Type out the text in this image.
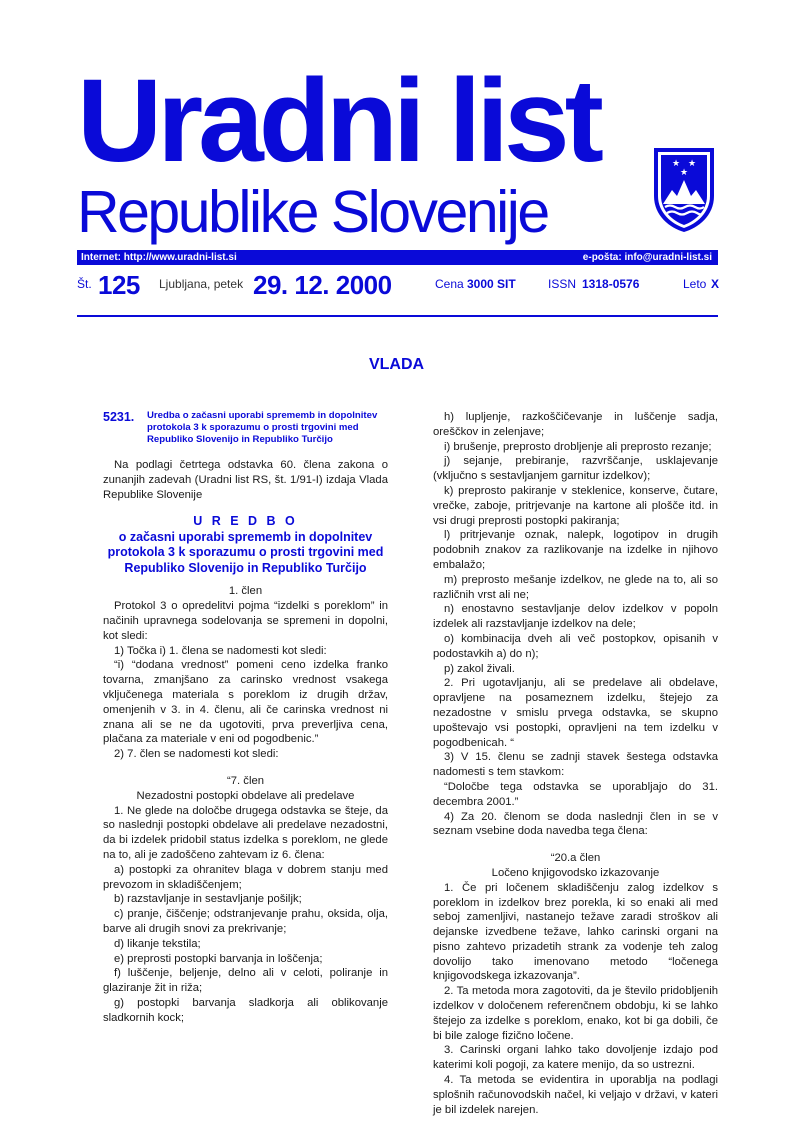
Uradni list
Republike Slovenije
★ ★
★
Internet: http://www.uradni-list.si	e-pošta: info@uradni-list.si
Št. 125 Ljubljana, petek 29. 12. 2000	Cena 3000 SIT	ISSN 1318-0576	Leto X
VLADA
5231. Uredba o začasni uporabi sprememb in dopolnitev protokola 3 k sporazumu o prosti trgovini med Republiko Slovenijo in Republiko Turčijo

Na podlagi četrtega odstavka 60. člena zakona o zunanjih zadevah (Uradni list RS, št. 1/91-I) izdaja Vlada Republike Slovenije

U R E D B O
o začasni uporabi sprememb in dopolnitev protokola 3 k sporazumu o prosti trgovini med Republiko Slovenijo in Republiko Turčijo

1. člen

Protokol 3 o opredelitvi pojma “izdelki s poreklom” in načinih upravnega sodelovanja se spremeni in dopolni, kot sledi:

1) Točka i) 1. člena se nadomesti kot sledi:

“i) “dodana vrednost” pomeni ceno izdelka franko tovarna, zmanjšano za carinsko vrednost vsakega vključenega materiala s poreklom iz drugih držav, omenjenih v 3. in 4. členu, ali če carinska vrednost ni znana ali se ne da ugotoviti, prva preverljiva cena, plačana za materiale v eni od pogodbenic.”

2) 7. člen se nadomesti kot sledi:

“7. člen

Nezadostni postopki obdelave ali predelave

1. Ne glede na določbe drugega odstavka se šteje, da so naslednji postopki obdelave ali predelave nezadostni, da bi izdelek pridobil status izdelka s poreklom, ne glede na to, ali je zadoščeno zahtevam iz 6. člena:

a) postopki za ohranitev blaga v dobrem stanju med prevozom in skladiščenjem;

b) razstavljanje in sestavljanje pošiljk;

c) pranje, čiščenje; odstranjevanje prahu, oksida, olja, barve ali drugih snovi za prekrivanje;

d) likanje tekstila;

e) preprosti postopki barvanja in loščenja;

f) luščenje, beljenje, delno ali v celoti, poliranje in glaziranje žit in riža;

g) postopki barvanja sladkorja ali oblikovanje sladkornih kock;

h) lupljenje, razkoščičevanje in luščenje sadja, oreščkov in zelenjave;

i) brušenje, preprosto drobljenje ali preprosto rezanje;

j) sejanje, prebiranje, razvrščanje, usklajevanje (vključno s sestavljanjem garnitur izdelkov);

k) preprosto pakiranje v steklenice, konserve, čutare, vrečke, zaboje, pritrjevanje na kartone ali plošče itd. in vsi drugi preprosti postopki pakiranja;

l) pritrjevanje oznak, nalepk, logotipov in drugih podobnih znakov za razlikovanje na izdelke in njihovo embalažo;

m) preprosto mešanje izdelkov, ne glede na to, ali so različnih vrst ali ne;

n) enostavno sestavljanje delov izdelkov v popoln izdelek ali razstavljanje izdelkov na dele;

o) kombinacija dveh ali več postopkov, opisanih v podostavkih a) do n);

p) zakol živali.

2. Pri ugotavljanju, ali se predelave ali obdelave, opravljene na posameznem izdelku, štejejo za nezadostne v smislu prvega odstavka, se skupno upoštevajo vsi postopki, opravljeni na tem izdelku v pogodbenicah. “

3) V 15. členu se zadnji stavek šestega odstavka nadomesti s tem stavkom:

“Določbe tega odstavka se uporabljajo do 31. decembra 2001.”

4) Za 20. členom se doda naslednji člen in se v seznam vsebine doda navedba tega člena:

“20.a člen

Ločeno knjigovodsko izkazovanje

1. Če pri ločenem skladiščenju zalog izdelkov s poreklom in izdelkov brez porekla, ki so enaki ali med seboj zamenljivi, nastanejo težave zaradi stroškov ali dejanske izvedbene težave, lahko carinski organi na pisno zahtevo prizadetih strank za vodenje teh zalog dovolijo tako imenovano metodo “ločenega knjigovodskega izkazovanja”.

2. Ta metoda mora zagotoviti, da je število pridobljenih izdelkov v določenem referenčnem obdobju, ki se lahko štejejo za izdelke s poreklom, enako, kot bi ga dobili, če bi bile zaloge fizično ločene.

3. Carinski organi lahko tako dovoljenje izdajo pod katerimi koli pogoji, za katere menijo, da so ustrezni.

4. Ta metoda se evidentira in uporablja na podlagi splošnih računovodskih načel, ki veljajo v državi, v kateri je bil izdelek narejen.
